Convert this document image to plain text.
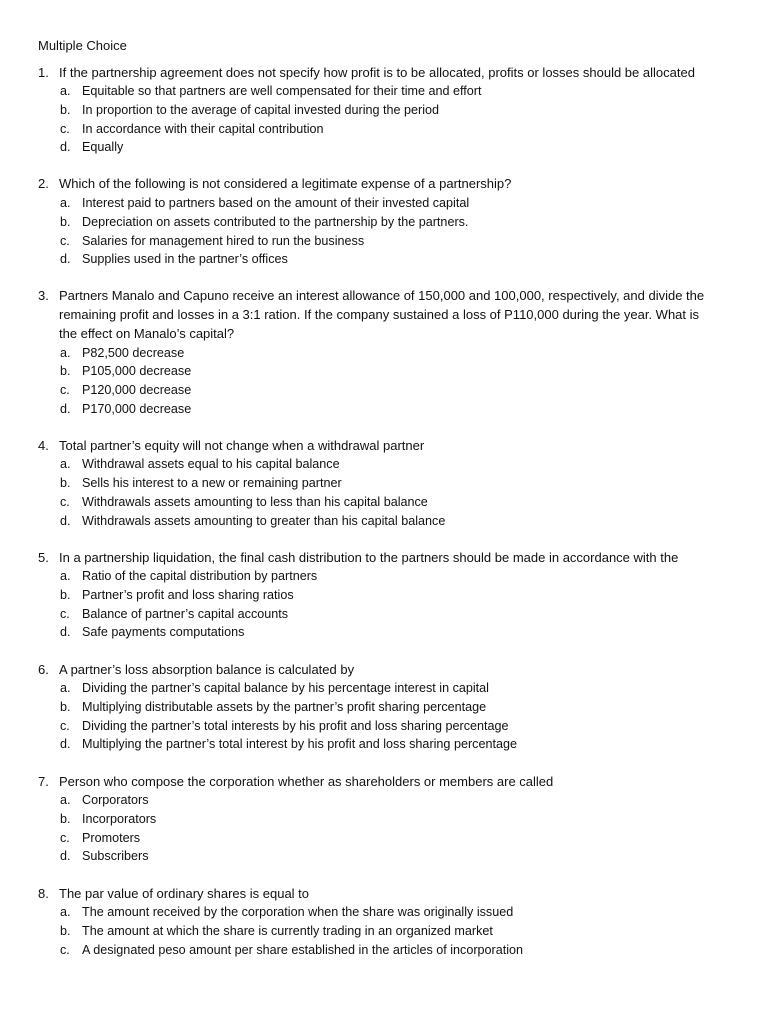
Multiple Choice
1. If the partnership agreement does not specify how profit is to be allocated, profits or losses should be allocated
a. Equitable so that partners are well compensated for their time and effort
b. In proportion to the average of capital invested during the period
c. In accordance with their capital contribution
d. Equally
2. Which of the following is not considered a legitimate expense of a partnership?
a. Interest paid to partners based on the amount of their invested capital
b. Depreciation on assets contributed to the partnership by the partners.
c. Salaries for management hired to run the business
d. Supplies used in the partner’s offices
3. Partners Manalo and Capuno receive an interest allowance of 150,000 and 100,000, respectively, and divide the remaining profit and losses in a 3:1 ration. If the company sustained a loss of P110,000 during the year. What is the effect on Manalo’s capital?
a. P82,500 decrease
b. P105,000 decrease
c. P120,000 decrease
d. P170,000 decrease
4. Total partner’s equity will not change when a withdrawal partner
a. Withdrawal assets equal to his capital balance
b. Sells his interest to a new or remaining partner
c. Withdrawals assets amounting to less than his capital balance
d. Withdrawals assets amounting to greater than his capital balance
5. In a partnership liquidation, the final cash distribution to the partners should be made in accordance with the
a. Ratio of the capital distribution by partners
b. Partner’s profit and loss sharing ratios
c. Balance of partner’s capital accounts
d. Safe payments computations
6. A partner’s loss absorption balance is calculated by
a. Dividing the partner’s capital balance by his percentage interest in capital
b. Multiplying distributable assets by the partner’s profit sharing percentage
c. Dividing the partner’s total interests by his profit and loss sharing percentage
d. Multiplying the partner’s total interest by his profit and loss sharing percentage
7. Person who compose the corporation whether as shareholders or members are called
a. Corporators
b. Incorporators
c. Promoters
d. Subscribers
8. The par value of ordinary shares is equal to
a. The amount received by the corporation when the share was originally issued
b. The amount at which the share is currently trading in an organized market
c. A designated peso amount per share established in the articles of incorporation
